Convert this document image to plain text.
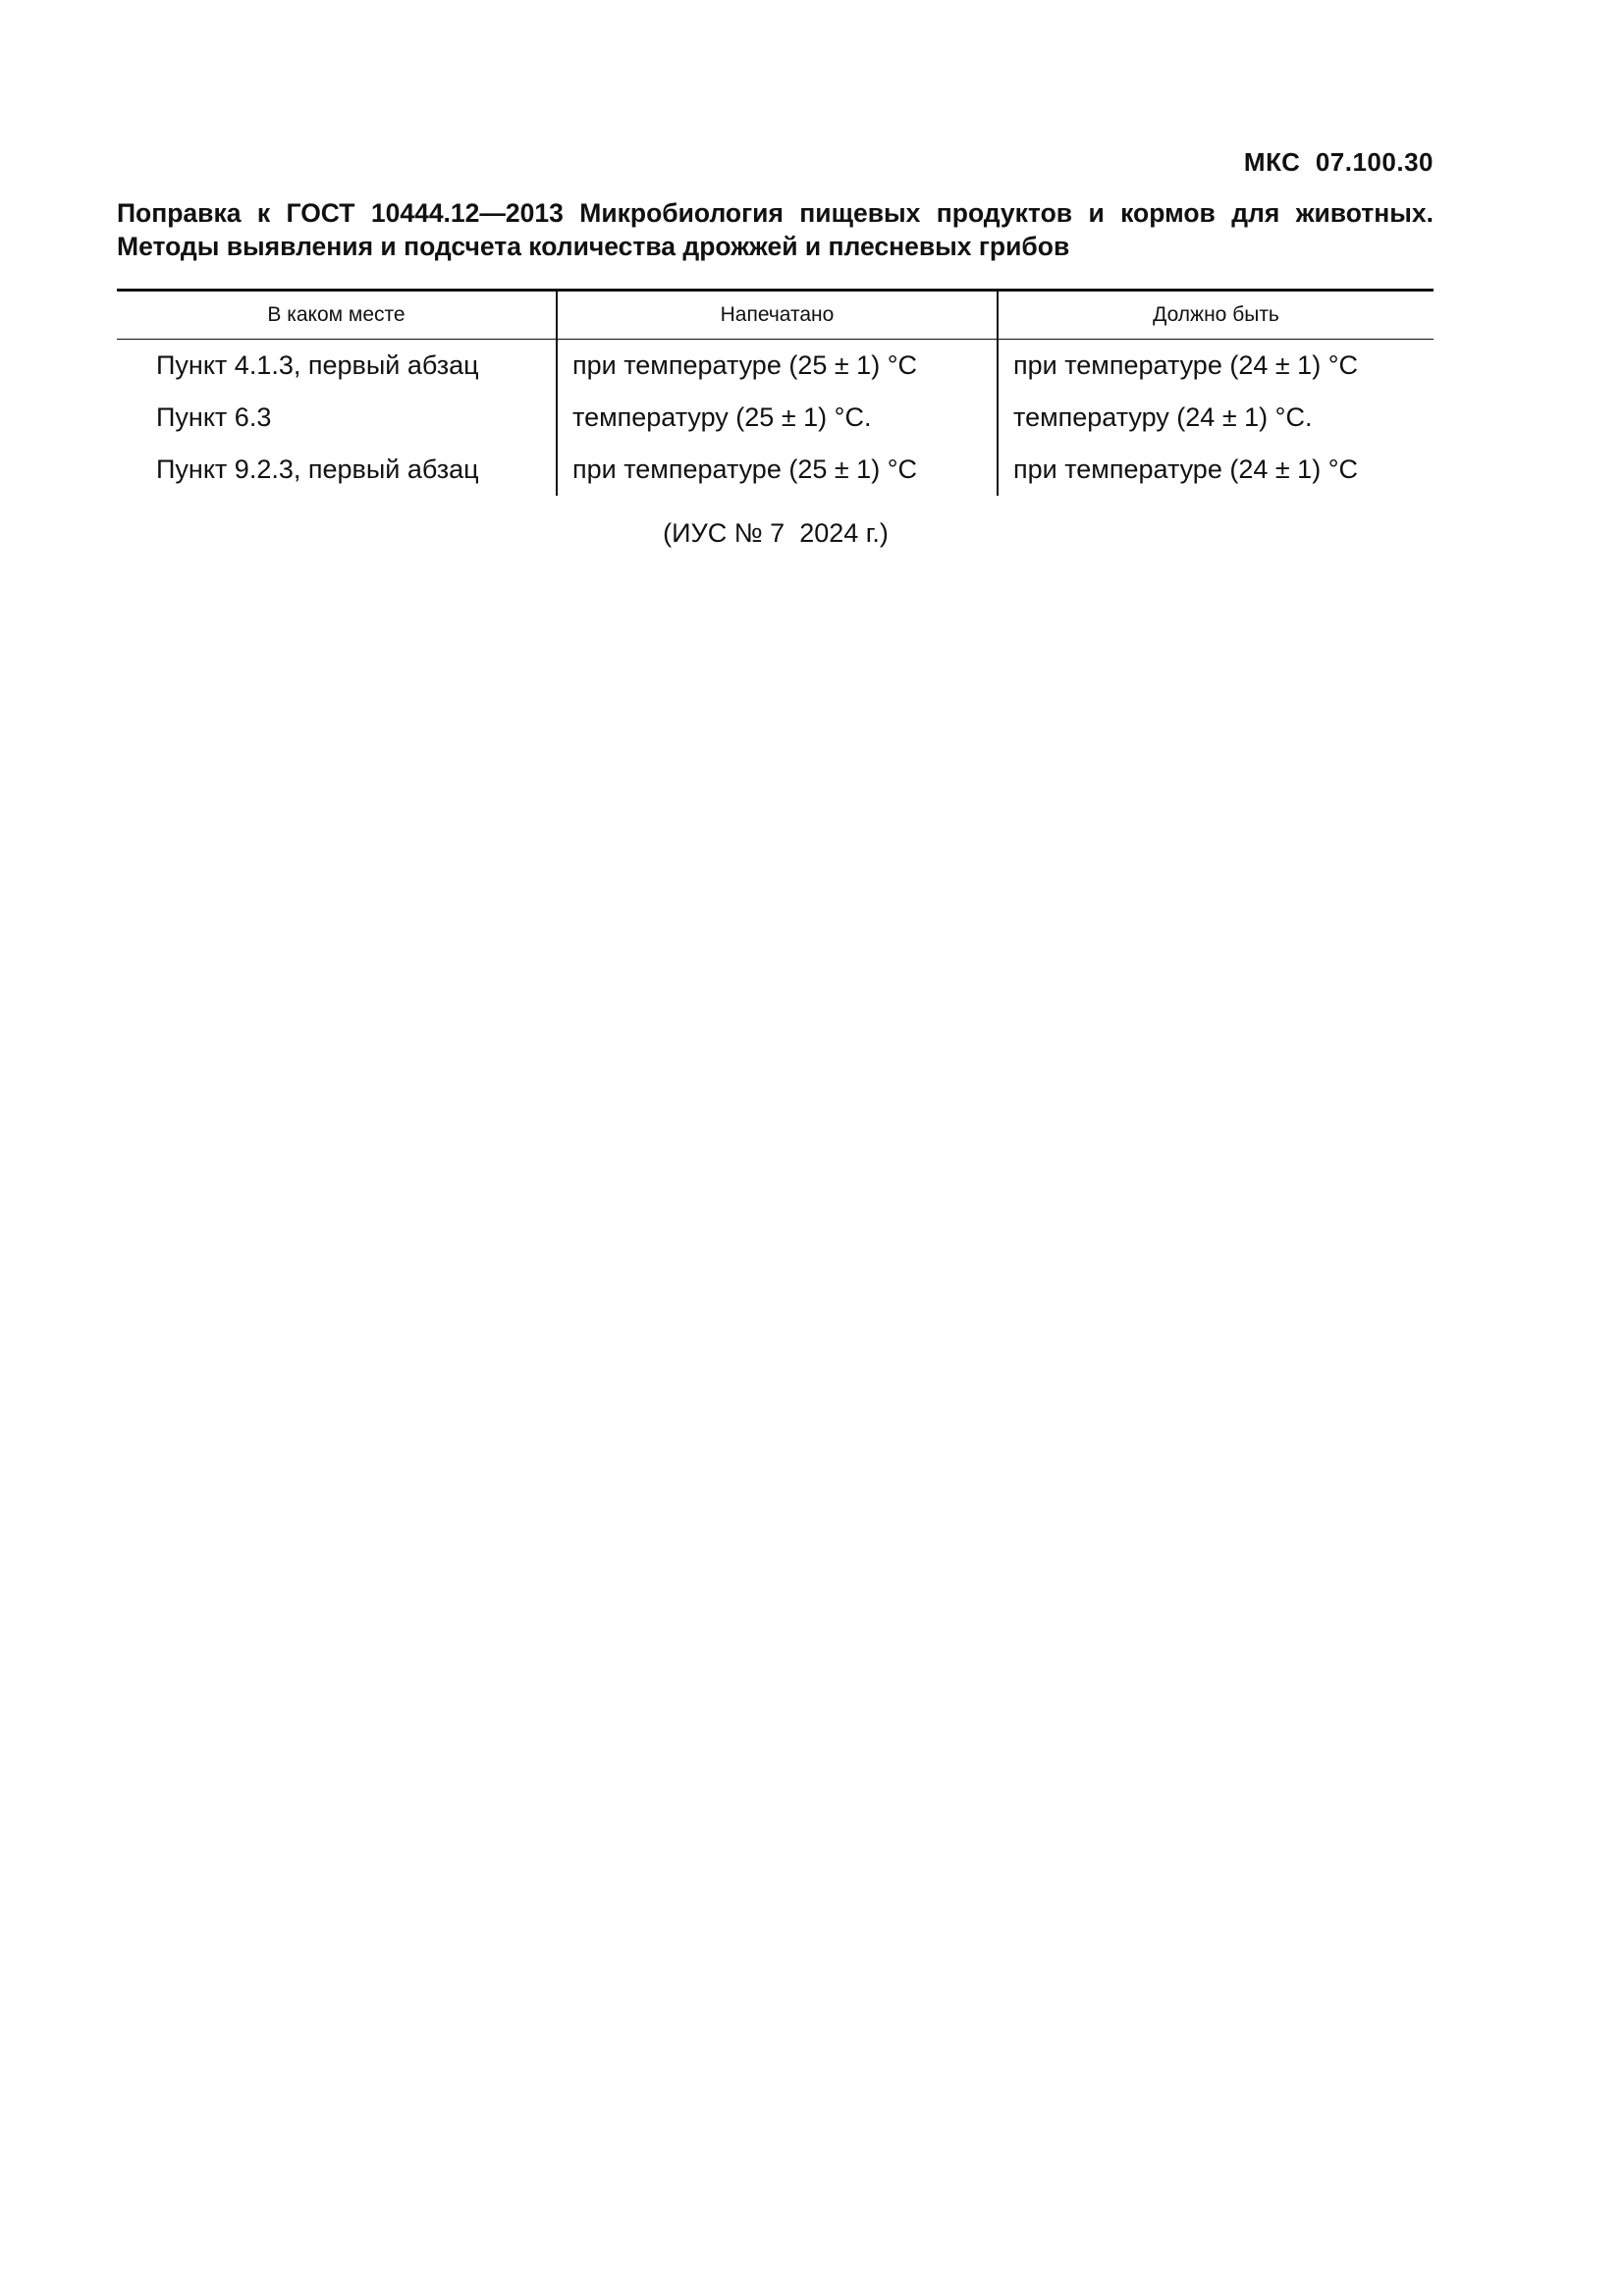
МКС  07.100.30
Поправка к ГОСТ 10444.12—2013 Микробиология пищевых продуктов и кормов для животных.
Методы выявления и подсчета количества дрожжей и плесневых грибов
В каком месте	Напечатано	Должно быть
Пункт 4.1.3, первый абзац	при температуре (25 ± 1) °С	при температуре (24 ± 1) °С
Пункт 6.3	температуру (25 ± 1) °С.	температуру (24 ± 1) °С.
Пункт 9.2.3, первый абзац	при температуре (25 ± 1) °С	при температуре (24 ± 1) °С
(ИУС № 7  2024 г.)
